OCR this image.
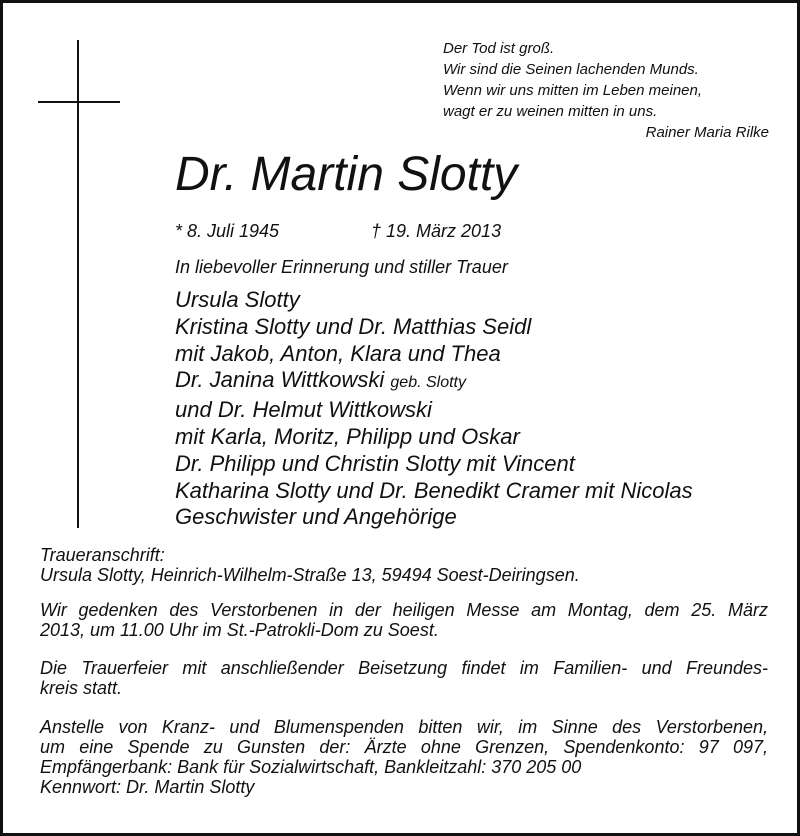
Der Tod ist groß.
Wir sind die Seinen lachenden Munds.
Wenn wir uns mitten im Leben meinen,
wagt er zu weinen mitten in uns.
Rainer Maria Rilke
Dr. Martin Slotty
* 8. Juli 1945	† 19. März 2013
In liebevoller Erinnerung und stiller Trauer
Ursula Slotty
Kristina Slotty und Dr. Matthias Seidl
mit Jakob, Anton, Klara und Thea
Dr. Janina Wittkowski geb. Slotty
und Dr. Helmut Wittkowski
mit Karla, Moritz, Philipp und Oskar
Dr. Philipp und Christin Slotty mit Vincent
Katharina Slotty und Dr. Benedikt Cramer mit Nicolas
Geschwister und Angehörige
Traueranschrift:
Ursula Slotty, Heinrich-Wilhelm-Straße 13, 59494 Soest-Deiringsen.
Wir gedenken des Verstorbenen in der heiligen Messe am Montag, dem 25. März
2013, um 11.00 Uhr im St.-Patrokli-Dom zu Soest.
Die Trauerfeier mit anschließender Beisetzung findet im Familien- und Freundes-
kreis statt.
Anstelle von Kranz- und Blumenspenden bitten wir, im Sinne des Verstorbenen,
um eine Spende zu Gunsten der: Ärzte ohne Grenzen, Spendenkonto: 97 097,
Empfängerbank: Bank für Sozialwirtschaft, Bankleitzahl: 370 205 00
Kennwort: Dr. Martin Slotty
